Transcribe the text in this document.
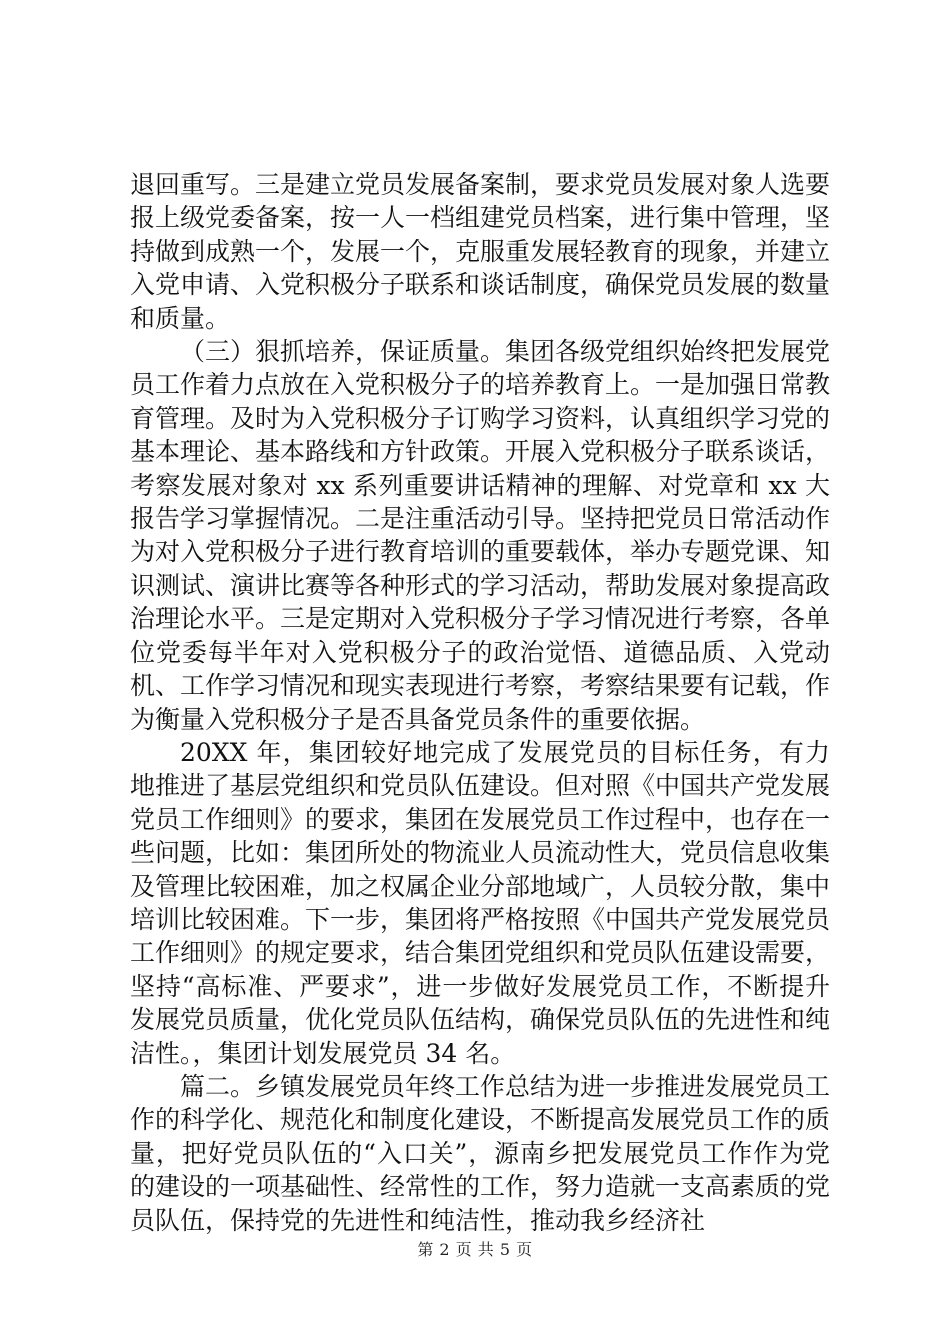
退回重写。三是建立党员发展备案制，要求党员发展对象人选要报上级党委备案，按一人一档组建党员档案，进行集中管理，坚持做到成熟一个，发展一个，克服重发展轻教育的现象，并建立入党申请、入党积极分子联系和谈话制度，确保党员发展的数量和质量。

（三）狠抓培养，保证质量。集团各级党组织始终把发展党员工作着力点放在入党积极分子的培养教育上。一是加强日常教育管理。及时为入党积极分子订购学习资料，认真组织学习党的基本理论、基本路线和方针政策。开展入党积极分子联系谈话，考察发展对象对 xx 系列重要讲话精神的理解、对党章和 xx 大报告学习掌握情况。二是注重活动引导。坚持把党员日常活动作为对入党积极分子进行教育培训的重要载体，举办专题党课、知识测试、演讲比赛等各种形式的学习活动，帮助发展对象提高政治理论水平。三是定期对入党积极分子学习情况进行考察，各单位党委每半年对入党积极分子的政治觉悟、道德品质、入党动机、工作学习情况和现实表现进行考察，考察结果要有记载，作为衡量入党积极分子是否具备党员条件的重要依据。

20XX 年，集团较好地完成了发展党员的目标任务，有力地推进了基层党组织和党员队伍建设。但对照《中国共产党发展党员工作细则》的要求，集团在发展党员工作过程中，也存在一些问题，比如：集团所处的物流业人员流动性大，党员信息收集及管理比较困难，加之权属企业分部地域广，人员较分散，集中培训比较困难。下一步，集团将严格按照《中国共产党发展党员工作细则》的规定要求，结合集团党组织和党员队伍建设需要，坚持“高标准、严要求”，进一步做好发展党员工作，不断提升发展党员质量，优化党员队伍结构，确保党员队伍的先进性和纯洁性。，集团计划发展党员 34 名。

篇二。乡镇发展党员年终工作总结为进一步推进发展党员工作的科学化、规范化和制度化建设，不断提高发展党员工作的质量，把好党员队伍的“入口关”，源南乡把发展党员工作作为党的建设的一项基础性、经常性的工作，努力造就一支高素质的党员队伍，保持党的先进性和纯洁性，推动我乡经济社

第 2 页 共 5 页
